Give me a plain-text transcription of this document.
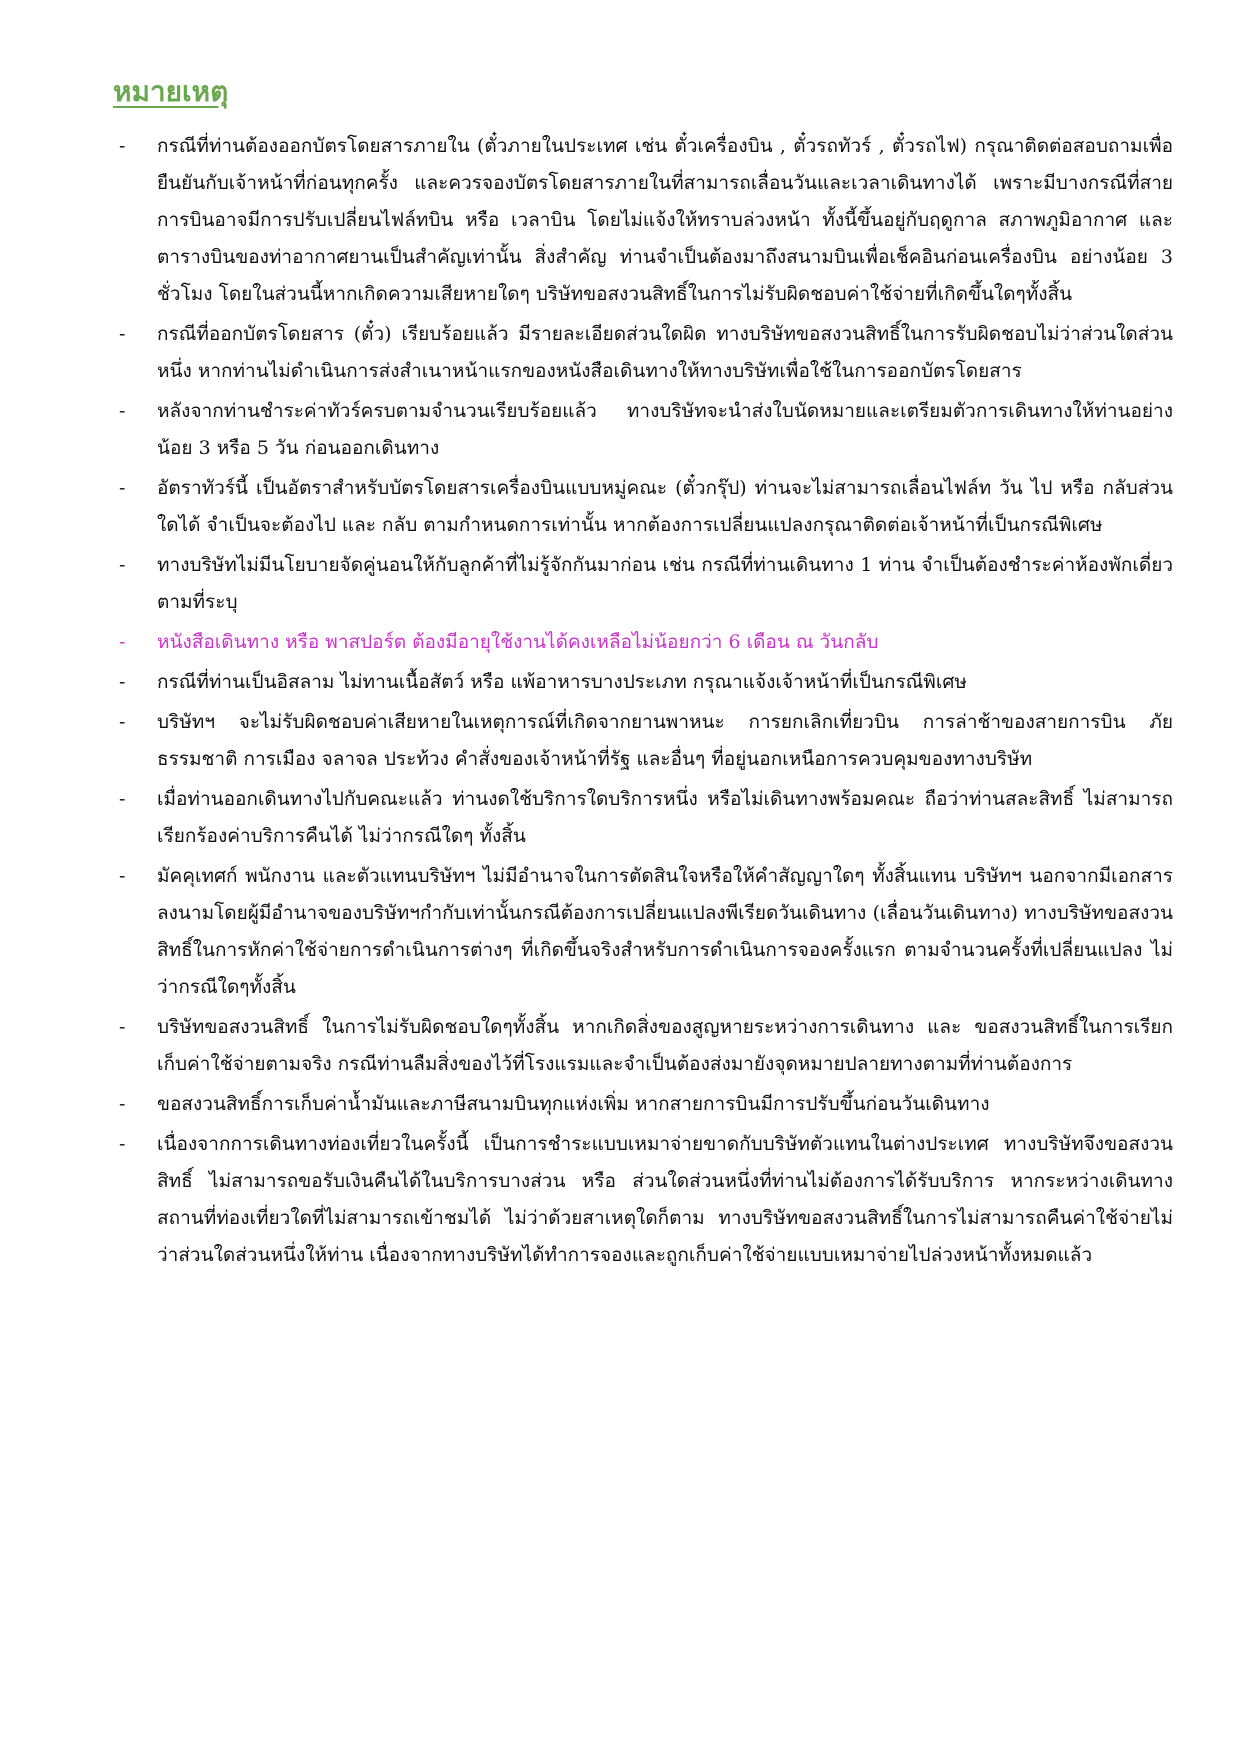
หมายเหตุ
- กรณีที่ท่านต้องออกบัตรโดยสารภายใน (ตั๋วภายในประเทศ เช่น ตั๋วเครื่องบิน , ตั๋วรถทัวร์ , ตั๋วรถไฟ) กรุณาติดต่อสอบถามเพื่อยืนยันกับเจ้าหน้าที่ก่อนทุกครั้ง และควรจองบัตรโดยสารภายในที่สามารถเลื่อนวันและเวลาเดินทางได้ เพราะมีบางกรณีที่สายการบินอาจมีการปรับเปลี่ยนไฟล์ทบิน หรือ เวลาบิน โดยไม่แจ้งให้ทราบล่วงหน้า ทั้งนี้ขึ้นอยู่กับฤดูกาล สภาพภูมิอากาศ และ ตารางบินของท่าอากาศยานเป็นสำคัญเท่านั้น สิ่งสำคัญ ท่านจำเป็นต้องมาถึงสนามบินเพื่อเช็คอินก่อนเครื่องบิน อย่างน้อย 3 ชั่วโมง โดยในส่วนนี้หากเกิดความเสียหายใดๆ บริษัทขอสงวนสิทธิ์ในการไม่รับผิดชอบค่าใช้จ่ายที่เกิดขึ้นใดๆทั้งสิ้น
- กรณีที่ออกบัตรโดยสาร (ตั๋ว) เรียบร้อยแล้ว มีรายละเอียดส่วนใดผิด ทางบริษัทขอสงวนสิทธิ์ในการรับผิดชอบไม่ว่าส่วนใดส่วนหนึ่ง หากท่านไม่ดำเนินการส่งสำเนาหน้าแรกของหนังสือเดินทางให้ทางบริษัทเพื่อใช้ในการออกบัตรโดยสาร
- หลังจากท่านชำระค่าทัวร์ครบตามจำนวนเรียบร้อยแล้ว ทางบริษัทจะนำส่งใบนัดหมายและเตรียมตัวการเดินทางให้ท่านอย่างน้อย 3 หรือ 5 วัน ก่อนออกเดินทาง
- อัตราทัวร์นี้ เป็นอัตราสำหรับบัตรโดยสารเครื่องบินแบบหมู่คณะ (ตั๋วกรุ๊ป) ท่านจะไม่สามารถเลื่อนไฟล์ท วัน ไป หรือ กลับส่วนใดได้ จำเป็นจะต้องไป และ กลับ ตามกำหนดการเท่านั้น หากต้องการเปลี่ยนแปลงกรุณาติดต่อเจ้าหน้าที่เป็นกรณีพิเศษ
- ทางบริษัทไม่มีนโยบายจัดคู่นอนให้กับลูกค้าที่ไม่รู้จักกันมาก่อน เช่น กรณีที่ท่านเดินทาง 1 ท่าน จำเป็นต้องชำระค่าห้องพักเดี่ยวตามที่ระบุ
- หนังสือเดินทาง หรือ พาสปอร์ต ต้องมีอายุใช้งานได้คงเหลือไม่น้อยกว่า 6 เดือน ณ วันกลับ
- กรณีที่ท่านเป็นอิสลาม ไม่ทานเนื้อสัตว์ หรือ แพ้อาหารบางประเภท กรุณาแจ้งเจ้าหน้าที่เป็นกรณีพิเศษ
- บริษัทฯ จะไม่รับผิดชอบค่าเสียหายในเหตุการณ์ที่เกิดจากยานพาหนะ การยกเลิกเที่ยวบิน การล่าช้าของสายการบิน ภัยธรรมชาติ การเมือง จลาจล ประท้วง คำสั่งของเจ้าหน้าที่รัฐ และอื่นๆ ที่อยู่นอกเหนือการควบคุมของทางบริษัท
- เมื่อท่านออกเดินทางไปกับคณะแล้ว ท่านงดใช้บริการใดบริการหนึ่ง หรือไม่เดินทางพร้อมคณะ ถือว่าท่านสละสิทธิ์ ไม่สามารถเรียกร้องค่าบริการคืนได้ ไม่ว่ากรณีใดๆ ทั้งสิ้น
- มัคคุเทศก์ พนักงาน และตัวแทนบริษัทฯ ไม่มีอำนาจในการตัดสินใจหรือให้คำสัญญาใดๆ ทั้งสิ้นแทน บริษัทฯ นอกจากมีเอกสารลงนามโดยผู้มีอำนาจของบริษัทฯกำกับเท่านั้นกรณีต้องการเปลี่ยนแปลงพีเรียดวันเดินทาง (เลื่อนวันเดินทาง) ทางบริษัทขอสงวนสิทธิ์ในการหักค่าใช้จ่ายการดำเนินการต่างๆ ที่เกิดขึ้นจริงสำหรับการดำเนินการจองครั้งแรก ตามจำนวนครั้งที่เปลี่ยนแปลง ไม่ว่ากรณีใดๆทั้งสิ้น
- บริษัทขอสงวนสิทธิ์ ในการไม่รับผิดชอบใดๆทั้งสิ้น หากเกิดสิ่งของสูญหายระหว่างการเดินทาง และ ขอสงวนสิทธิ์ในการเรียกเก็บค่าใช้จ่ายตามจริง กรณีท่านลืมสิ่งของไว้ที่โรงแรมและจำเป็นต้องส่งมายังจุดหมายปลายทางตามที่ท่านต้องการ
- ขอสงวนสิทธิ์การเก็บค่าน้ำมันและภาษีสนามบินทุกแห่งเพิ่ม หากสายการบินมีการปรับขึ้นก่อนวันเดินทาง
- เนื่องจากการเดินทางท่องเที่ยวในครั้งนี้ เป็นการชำระแบบเหมาจ่ายขาดกับบริษัทตัวแทนในต่างประเทศ ทางบริษัทจึงขอสงวนสิทธิ์ ไม่สามารถขอรับเงินคืนได้ในบริการบางส่วน หรือ ส่วนใดส่วนหนึ่งที่ท่านไม่ต้องการได้รับบริการ หากระหว่างเดินทาง สถานที่ท่องเที่ยวใดที่ไม่สามารถเข้าชมได้ ไม่ว่าด้วยสาเหตุใดก็ตาม ทางบริษัทขอสงวนสิทธิ์ในการไม่สามารถคืนค่าใช้จ่ายไม่ว่าส่วนใดส่วนหนึ่งให้ท่าน เนื่องจากทางบริษัทได้ทำการจองและถูกเก็บค่าใช้จ่ายแบบเหมาจ่ายไปล่วงหน้าทั้งหมดแล้ว
